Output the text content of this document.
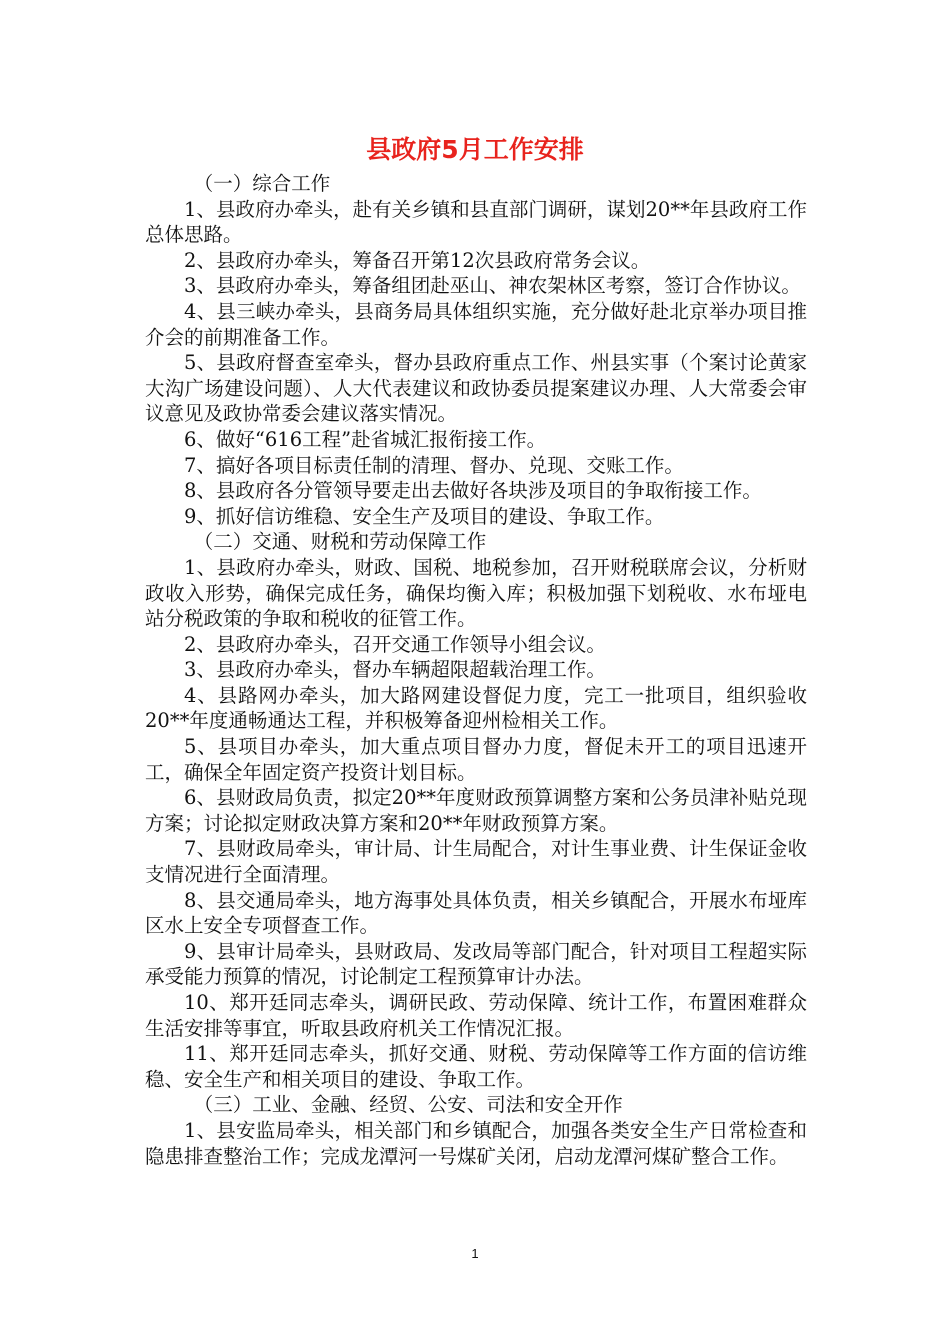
县政府5月工作安排

（一）综合工作

1、县政府办牵头，赴有关乡镇和县直部门调研，谋划20**年县政府工作总体思路。

2、县政府办牵头，筹备召开第12次县政府常务会议。

3、县政府办牵头，筹备组团赴巫山、神农架林区考察，签订合作协议。

4、县三峡办牵头，县商务局具体组织实施，充分做好赴北京举办项目推介会的前期准备工作。

5、县政府督查室牵头，督办县政府重点工作、州县实事（个案讨论黄家大沟广场建设问题）、人大代表建议和政协委员提案建议办理、人大常委会审议意见及政协常委会建议落实情况。

6、做好“616工程”赴省城汇报衔接工作。

7、搞好各项目标责任制的清理、督办、兑现、交账工作。

8、县政府各分管领导要走出去做好各块涉及项目的争取衔接工作。

9、抓好信访维稳、安全生产及项目的建设、争取工作。

（二）交通、财税和劳动保障工作

1、县政府办牵头，财政、国税、地税参加，召开财税联席会议，分析财政收入形势，确保完成任务，确保均衡入库；积极加强下划税收、水布垭电站分税政策的争取和税收的征管工作。

2、县政府办牵头，召开交通工作领导小组会议。

3、县政府办牵头，督办车辆超限超载治理工作。

4、县路网办牵头，加大路网建设督促力度，完工一批项目，组织验收20**年度通畅通达工程，并积极筹备迎州检相关工作。

5、县项目办牵头，加大重点项目督办力度，督促未开工的项目迅速开工，确保全年固定资产投资计划目标。

6、县财政局负责，拟定20**年度财政预算调整方案和公务员津补贴兑现方案；讨论拟定财政决算方案和20**年财政预算方案。

7、县财政局牵头，审计局、计生局配合，对计生事业费、计生保证金收支情况进行全面清理。

8、县交通局牵头，地方海事处具体负责，相关乡镇配合，开展水布垭库区水上安全专项督查工作。

9、县审计局牵头，县财政局、发改局等部门配合，针对项目工程超实际承受能力预算的情况，讨论制定工程预算审计办法。

10、郑开廷同志牵头，调研民政、劳动保障、统计工作，布置困难群众生活安排等事宜，听取县政府机关工作情况汇报。

11、郑开廷同志牵头，抓好交通、财税、劳动保障等工作方面的信访维稳、安全生产和相关项目的建设、争取工作。

（三）工业、金融、经贸、公安、司法和安全开作

1、县安监局牵头，相关部门和乡镇配合，加强各类安全生产日常检查和隐患排查整治工作；完成龙潭河一号煤矿关闭，启动龙潭河煤矿整合工作。

1
